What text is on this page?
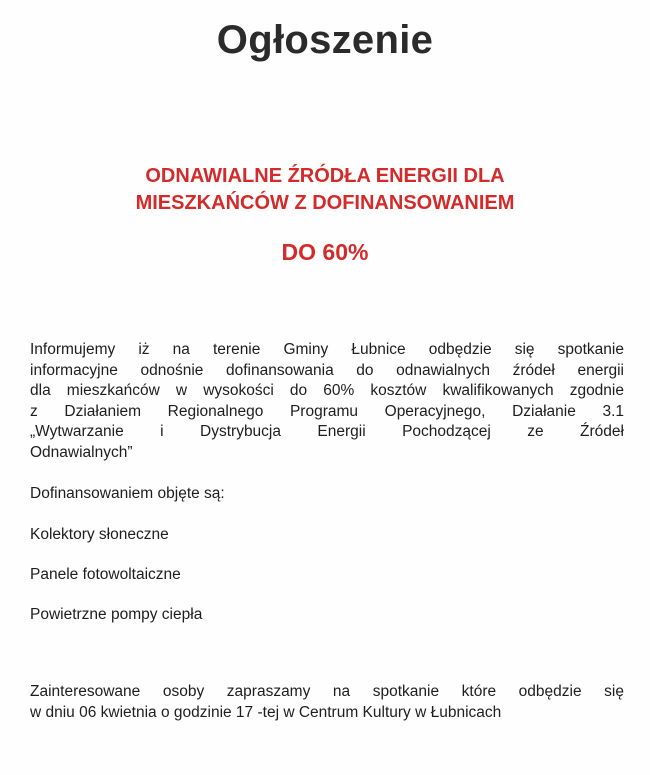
Ogłoszenie
ODNAWIALNE ŹRÓDŁA ENERGII DLA
MIESZKAŃCÓW Z DOFINANSOWANIEM
DO 60%
Informujemy iż na terenie Gminy Łubnice odbędzie się spotkanie
informacyjne odnośnie dofinansowania do odnawialnych źródeł energii
dla mieszkańców w wysokości do 60% kosztów kwalifikowanych zgodnie
z Działaniem Regionalnego Programu Operacyjnego, Działanie 3.1
„Wytwarzanie i Dystrybucja Energii Pochodzącej ze Źródeł
Odnawialnych”
Dofinansowaniem objęte są:
Kolektory słoneczne
Panele fotowoltaiczne
Powietrzne pompy ciepła
Zainteresowane osoby zapraszamy na spotkanie które odbędzie się
w dniu 06 kwietnia o godzinie 17 -tej w Centrum Kultury w Łubnicach
